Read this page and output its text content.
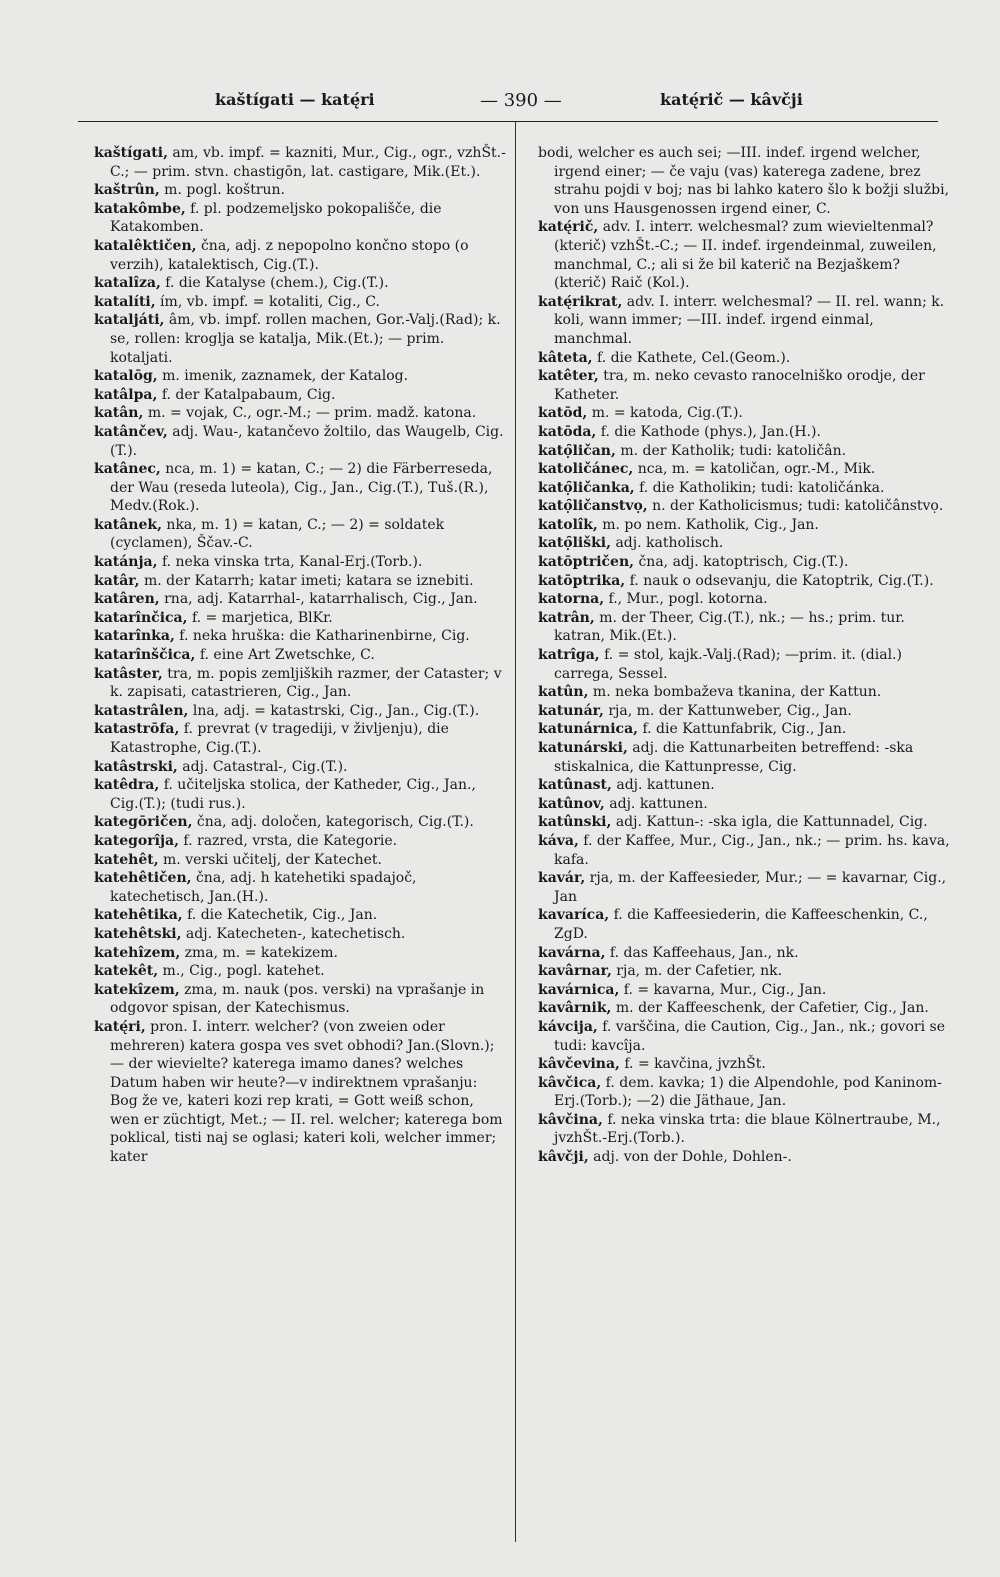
kaštígati — katę́ri	— 390 —	katę́rič — kâvčji

kaštígati, am, vb. impf. = kazniti, Mur., Cig., ogr., vzhŠt.-C.; — prim. stvn. chastigōn, lat. castigare, Mik.(Et.).

kaštrûn, m. pogl. koštrun.

katakômbe, f. pl. podzemeljsko pokopališče, die Katakomben.

katalêktičen, čna, adj. z nepopolno končno stopo (o verzih), katalektisch, Cig.(T.).

katalîza, f. die Katalyse (chem.), Cig.(T.).

katalíti, ím, vb. impf. = kotaliti, Cig., C.

kataljáti, âm, vb. impf. rollen machen, Gor.-Valj.(Rad); k. se, rollen: kroglja se katalja, Mik.(Et.); — prim. kotaljati.

katalōg, m. imenik, zaznamek, der Katalog.

katâlpa, f. der Katalpabaum, Cig.

katân, m. = vojak, C., ogr.-M.; — prim. madž. katona.

katânčev, adj. Wau-, katančevo žoltilo, das Waugelb, Cig.(T.).

katânec, nca, m. 1) = katan, C.; — 2) die Färberreseda, der Wau (reseda luteola), Cig., Jan., Cig.(T.), Tuš.(R.), Medv.(Rok.).

katânek, nka, m. 1) = katan, C.; — 2) = soldatek (cyclamen), Ščav.-C.

katánja, f. neka vinska trta, Kanal-Erj.(Torb.).

katâr, m. der Katarrh; katar imeti; katara se iznebiti.

katâren, rna, adj. Katarrhal-, katarrhalisch, Cig., Jan.

katarînčica, f. = marjetica, BlKr.

katarînka, f. neka hruška: die Katharinenbirne, Cig.

katarînščica, f. eine Art Zwetschke, C.

katâster, tra, m. popis zemljiških razmer, der Cataster; v k. zapisati, catastrieren, Cig., Jan.

katastrâlen, lna, adj. = katastrski, Cig., Jan., Cig.(T.).

katastrōfa, f. prevrat (v tragediji, v življenju), die Katastrophe, Cig.(T.).

katâstrski, adj. Catastral-, Cig.(T.).

katêdra, f. učiteljska stolica, der Katheder, Cig., Jan., Cig.(T.); (tudi rus.).

kategōričen, čna, adj. določen, kategorisch, Cig.(T.).

kategorîja, f. razred, vrsta, die Kategorie.

katehêt, m. verski učitelj, der Katechet.

katehêtičen, čna, adj. h katehetiki spadajoč, katechetisch, Jan.(H.).

katehêtika, f. die Katechetik, Cig., Jan.

katehêtski, adj. Katecheten-, katechetisch.

katehîzem, zma, m. = katekizem.

katekêt, m., Cig., pogl. katehet.

katekîzem, zma, m. nauk (pos. verski) na vprašanje in odgovor spisan, der Katechismus.

katę́ri, pron. I. interr. welcher? (von zweien oder mehreren) katera gospa ves svet obhodi? Jan.(Slovn.); — der wievielte? katerega imamo danes? welches Datum haben wir heute?—v indirektnem vprašanju: Bog že ve, kateri kozi rep krati, = Gott weiß schon, wen er züchtigt, Met.; — II. rel. welcher; katerega bom poklical, tisti naj se oglasi; kateri koli, welcher immer; kater

bodi, welcher es auch sei; —III. indef. irgend welcher, irgend einer; — če vaju (vas) katerega zadene, brez strahu pojdi v boj; nas bi lahko katero šlo k božji službi, von uns Hausgenossen irgend einer, C.

katę́rič, adv. I. interr. welchesmal? zum wievieltenmal? (kterič) vzhŠt.-C.; — II. indef. irgendeinmal, zuweilen, manchmal, C.; ali si že bil katerič na Bezjaškem? (kterič) Raič (Kol.).

katę́rikrat, adv. I. interr. welchesmal? — II. rel. wann; k. koli, wann immer; —III. indef. irgend einmal, manchmal.

kâteta, f. die Kathete, Cel.(Geom.).

katêter, tra, m. neko cevasto ranocelniško orodje, der Katheter.

katōd, m. = katoda, Cig.(T.).

katōda, f. die Kathode (phys.), Jan.(H.).

katọ̑ličan, m. der Katholik; tudi: katoličân.

katoličánec, nca, m. = katoličan, ogr.-M., Mik.

katọ̑ličanka, f. die Katholikin; tudi: katoličánka.

katọ̑ličanstvọ, n. der Katholicismus; tudi: katoličânstvọ.

katolîk, m. po nem. Katholik, Cig., Jan.

katọ̑liški, adj. katholisch.

katōptričen, čna, adj. katoptrisch, Cig.(T.).

katōptrika, f. nauk o odsevanju, die Katoptrik, Cig.(T.).

katorna, f., Mur., pogl. kotorna.

katrân, m. der Theer, Cig.(T.), nk.; — hs.; prim. tur. katran, Mik.(Et.).

katrîga, f. = stol, kajk.-Valj.(Rad); —prim. it. (dial.) carrega, Sessel.

katûn, m. neka bombaževa tkanina, der Kattun.

katunár, rja, m. der Kattunweber, Cig., Jan.

katunárnica, f. die Kattunfabrik, Cig., Jan.

katunárski, adj. die Kattunarbeiten betreffend: -ska stiskalnica, die Kattunpresse, Cig.

katûnast, adj. kattunen.

katûnov, adj. kattunen.

katûnski, adj. Kattun-: -ska igla, die Kattunnadel, Cig.

káva, f. der Kaffee, Mur., Cig., Jan., nk.; — prim. hs. kava, kafa.

kavár, rja, m. der Kaffeesieder, Mur.; — = kavarnar, Cig., Jan

kavaríca, f. die Kaffeesiederin, die Kaffeeschenkin, C., ZgD.

kavárna, f. das Kaffeehaus, Jan., nk.

kavârnar, rja, m. der Cafetier, nk.

kavárnica, f. = kavarna, Mur., Cig., Jan.

kavârnik, m. der Kaffeeschenk, der Cafetier, Cig., Jan.

kávcija, f. varščina, die Caution, Cig., Jan., nk.; govori se tudi: kavcîja.

kâvčevina, f. = kavčina, jvzhŠt.

kâvčica, f. dem. kavka; 1) die Alpendohle, pod Kaninom-Erj.(Torb.); —2) die Jäthaue, Jan.

kâvčina, f. neka vinska trta: die blaue Kölnertraube, M., jvzhŠt.-Erj.(Torb.).

kâvčji, adj. von der Dohle, Dohlen-.
